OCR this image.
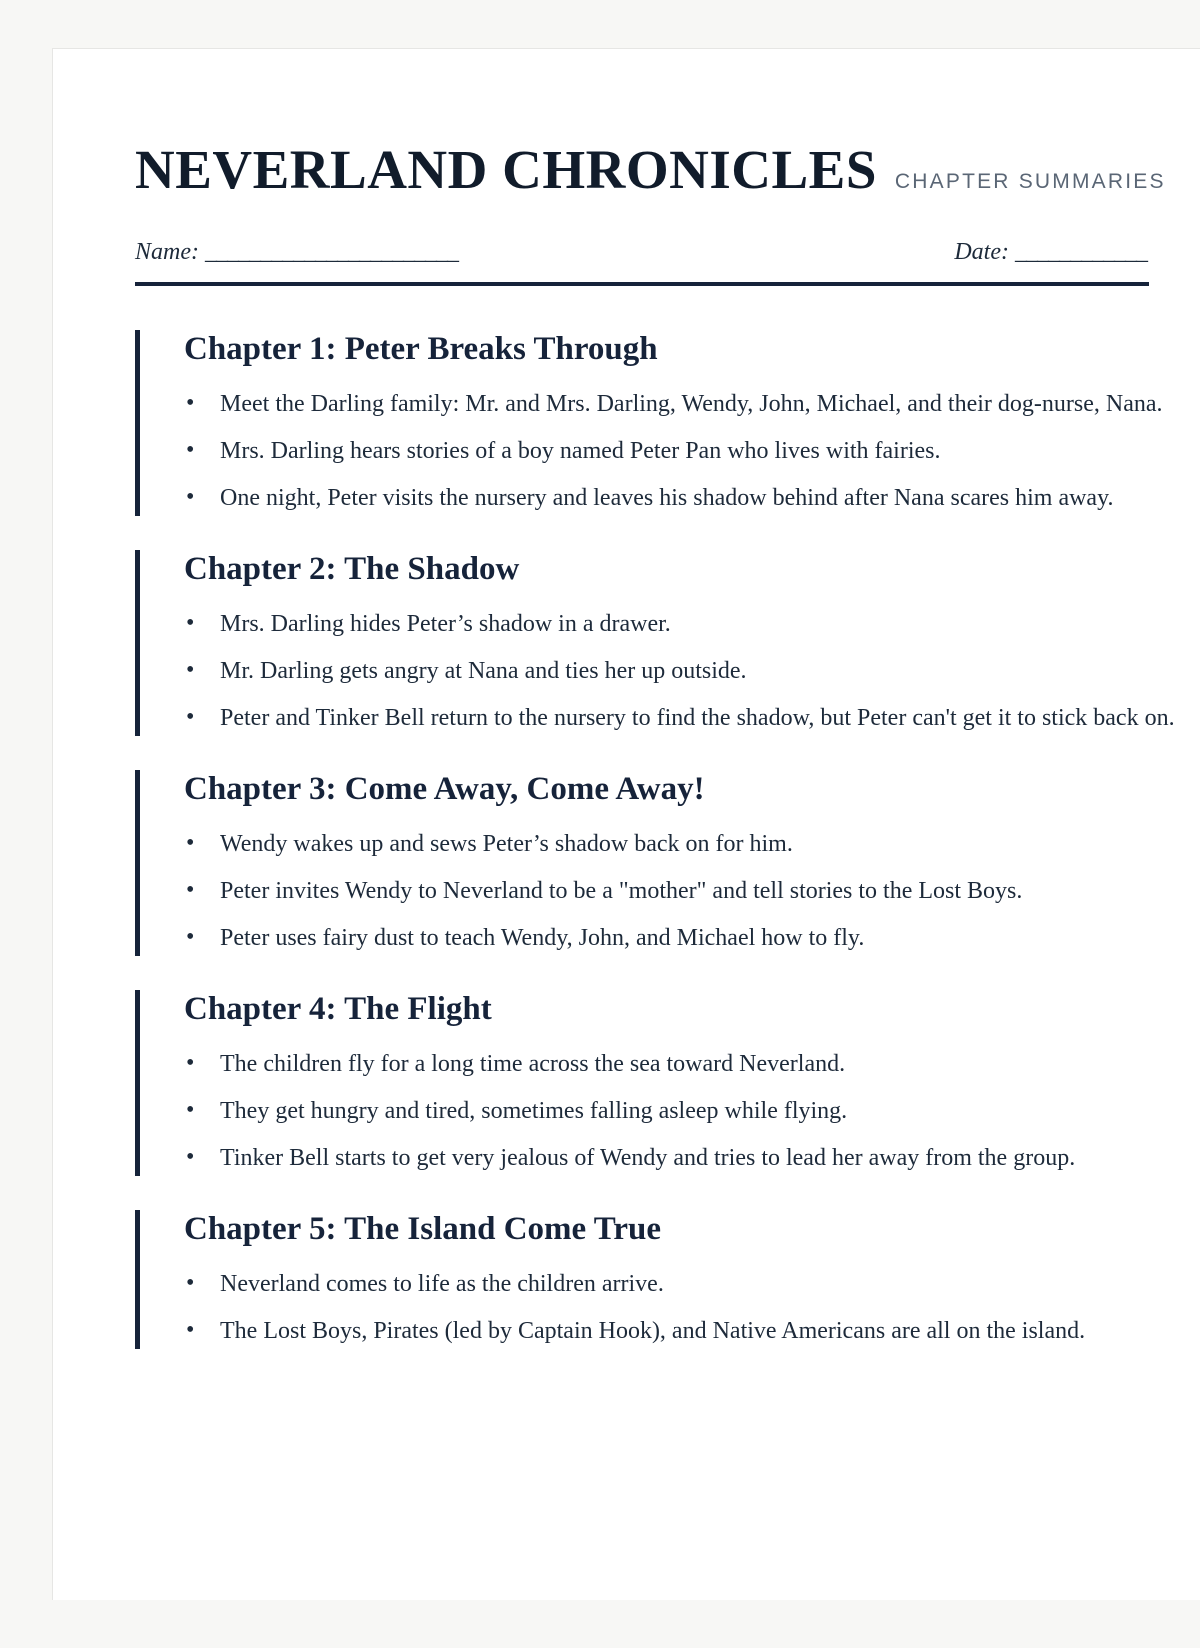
NEVERLAND CHRONICLES CHAPTER SUMMARIES
Name: _______________________	Date: ____________
Chapter 1: Peter Breaks Through
• Meet the Darling family: Mr. and Mrs. Darling, Wendy, John, Michael, and their dog-nurse, Nana.
• Mrs. Darling hears stories of a boy named Peter Pan who lives with fairies.
• One night, Peter visits the nursery and leaves his shadow behind after Nana scares him away.
Chapter 2: The Shadow
• Mrs. Darling hides Peter’s shadow in a drawer.
• Mr. Darling gets angry at Nana and ties her up outside.
• Peter and Tinker Bell return to the nursery to find the shadow, but Peter can't get it to stick back on.
Chapter 3: Come Away, Come Away!
• Wendy wakes up and sews Peter’s shadow back on for him.
• Peter invites Wendy to Neverland to be a "mother" and tell stories to the Lost Boys.
• Peter uses fairy dust to teach Wendy, John, and Michael how to fly.
Chapter 4: The Flight
• The children fly for a long time across the sea toward Neverland.
• They get hungry and tired, sometimes falling asleep while flying.
• Tinker Bell starts to get very jealous of Wendy and tries to lead her away from the group.
Chapter 5: The Island Come True
• Neverland comes to life as the children arrive.
• The Lost Boys, Pirates (led by Captain Hook), and Native Americans are all on the island.
